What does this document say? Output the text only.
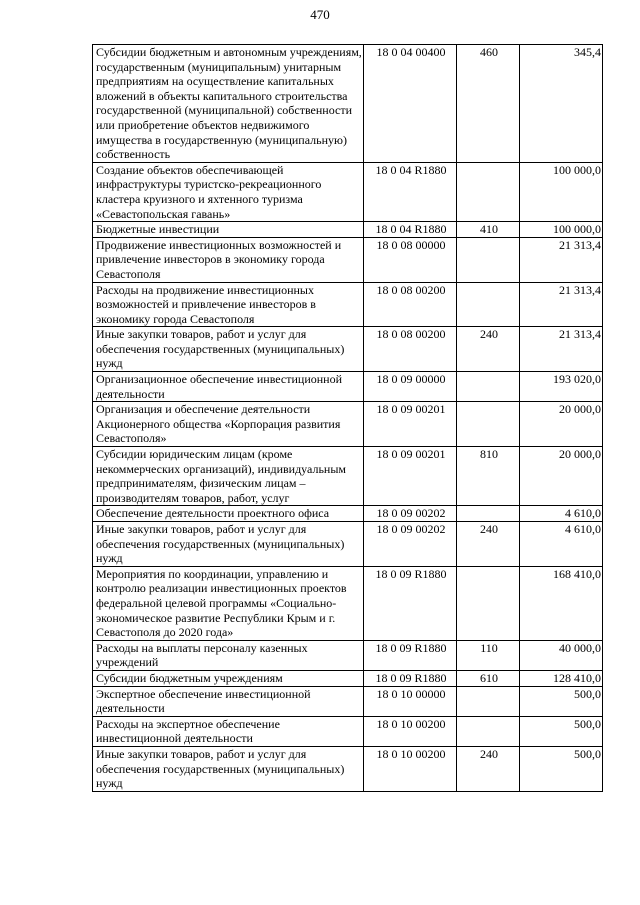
470
Субсидии бюджетным и автономным учреждениям, государственным (муниципальным) унитарным предприятиям на осуществление капитальных вложений в объекты капитального строительства государственной (муниципальной) собственности или приобретение объектов недвижимого имущества в государственную (муниципальную) собственность	18 0 04 00400	460	345,4
Создание объектов обеспечивающей инфраструктуры туристско-рекреационного кластера круизного и яхтенного туризма «Севастопольская гавань»	18 0 04 R1880		100 000,0
Бюджетные инвестиции	18 0 04 R1880	410	100 000,0
Продвижение инвестиционных возможностей и привлечение инвесторов в экономику города Севастополя	18 0 08 00000		21 313,4
Расходы на продвижение инвестиционных возможностей и привлечение инвесторов в экономику города Севастополя	18 0 08 00200		21 313,4
Иные закупки товаров, работ и услуг для обеспечения государственных (муниципальных) нужд	18 0 08 00200	240	21 313,4
Организационное обеспечение инвестиционной деятельности	18 0 09 00000		193 020,0
Организация и обеспечение деятельности Акционерного общества «Корпорация развития Севастополя»	18 0 09 00201		20 000,0
Субсидии юридическим лицам (кроме некоммерческих организаций), индивидуальным предпринимателям, физическим лицам – производителям товаров, работ, услуг	18 0 09 00201	810	20 000,0
Обеспечение деятельности проектного офиса	18 0 09 00202		4 610,0
Иные закупки товаров, работ и услуг для обеспечения государственных (муниципальных) нужд	18 0 09 00202	240	4 610,0
Мероприятия по координации, управлению и контролю реализации инвестиционных проектов федеральной целевой программы «Социально-экономическое развитие Республики Крым и г. Севастополя до 2020 года»	18 0 09 R1880		168 410,0
Расходы на выплаты персоналу казенных учреждений	18 0 09 R1880	110	40 000,0
Субсидии бюджетным учреждениям	18 0 09 R1880	610	128 410,0
Экспертное обеспечение инвестиционной деятельности	18 0 10 00000		500,0
Расходы на экспертное обеспечение инвестиционной деятельности	18 0 10 00200		500,0
Иные закупки товаров, работ и услуг для обеспечения государственных (муниципальных) нужд	18 0 10 00200	240	500,0
